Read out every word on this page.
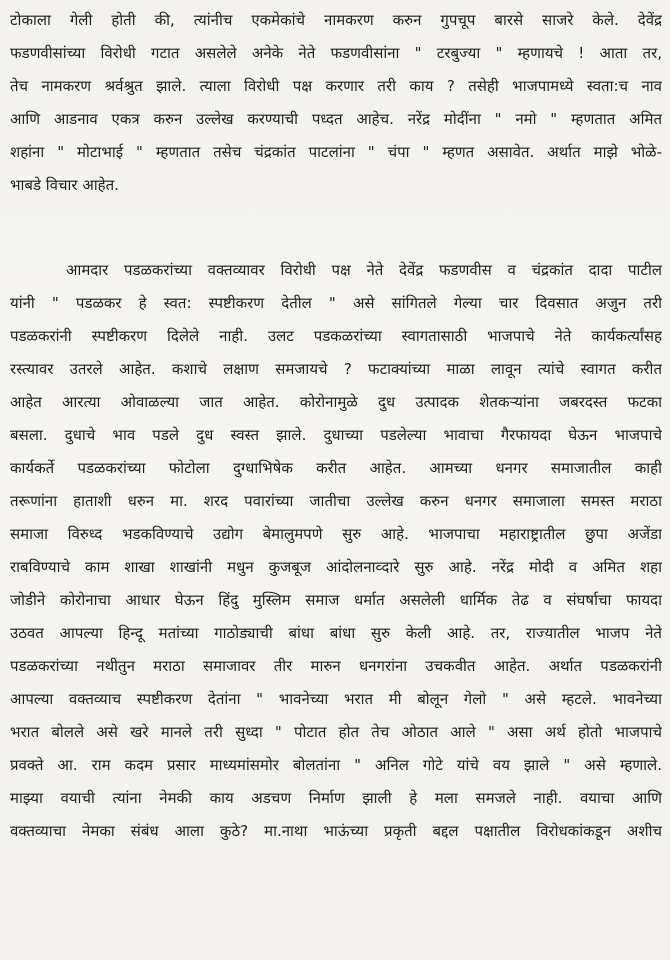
टोकाला गेली होती की, त्यांनीच एकमेकांचे नामकरण करुन गुपचूप बारसे साजरे केले. देवेंद्र
फडणवीसांच्या विरोधी गटात असलेले अनेके नेते फडणवीसांना " टरबुज्या " म्हणायचे ! आता तर,
तेच नामकरण श्रर्वश्रुत झाले. त्याला विरोधी पक्ष करणार तरी काय ? तसेही भाजपामध्ये स्वता:च नाव
आणि आडनाव एकत्र करुन उल्लेख करण्याची पध्दत आहेच. नरेंद्र मोदींना " नमो " म्हणतात अमित
शहांना " मोटाभाई " म्हणतात तसेच चंद्रकांत पाटलांना " चंपा " म्हणत असावेत. अर्थात माझे भोळे-
भाबडे विचार आहेत.
आमदार पडळकरांच्या वक्तव्यावर विरोधी पक्ष नेते देवेंद्र फडणवीस व चंद्रकांत दादा पाटील
यांनी " पडळकर हे स्वत: स्पष्टीकरण देतील " असे सांगितले गेल्या चार दिवसात अजुन तरी
पडळकरांनी स्पष्टीकरण दिलेले नाही. उलट पडकळरांच्या स्वागतासाठी भाजपाचे नेते कार्यकर्त्यांसह
रस्त्यावर उतरले आहेत. कशाचे लक्षाण समजायचे ? फटाक्यांच्या माळा लावून त्यांचे स्वागत करीत
आहेत आरत्या ओवाळल्या जात आहेत. कोरोनामुळे दुध उत्पादक शेतकऱ्यांना जबरदस्त फटका
बसला. दुधाचे भाव पडले दुध स्वस्त झाले. दुधाच्या पडलेल्या भावाचा गैरफायदा घेऊन भाजपाचे
कार्यकर्ते पडळकरांच्या फोटोला दुग्धाभिषेक करीत आहेत. आमच्या धनगर समाजातील काही
तरूणांना हाताशी धरुन मा. शरद पवारांच्या जातीचा उल्लेख करुन धनगर समाजाला समस्त मराठा
समाजा विरुध्द भडकविण्याचे उद्योग बेमालुमपणे सुरु आहे. भाजपाचा महाराष्ट्रातील छुपा अजेंडा
राबविण्याचे काम शाखा शाखांनी मधुन कुजबूज आंदोलनाव्दारे सुरु आहे. नरेंद्र मोदी व अमित शहा
जोडीने कोरोनाचा आधार घेऊन हिंदु मुस्लिम समाज धर्मात असलेली धार्मिक तेढ व संघर्षाचा फायदा
उठवत आपल्या हिन्दू मतांच्या गाठोड्याची बांधा बांधा सुरु केली आहे. तर, राज्यातील भाजप नेते
पडळकरांच्या नथीतुन मराठा समाजावर तीर मारुन धनगरांना उचकवीत आहेत. अर्थात पडळकरांनी
आपल्या वक्तव्याच स्पष्टीकरण देतांना " भावनेच्या भरात मी बोलून गेलो " असे म्हटले. भावनेच्या
भरात बोलले असे खरे मानले तरी सुध्दा " पोटात होत तेच ओठात आले " असा अर्थ होतो भाजपाचे
प्रवक्ते आ. राम कदम प्रसार माध्यमांसमोर बोलतांना " अनिल गोटे यांचे वय झाले " असे म्हणाले.
माझ्या वयाची त्यांना नेमकी काय अडचण निर्माण झाली हे मला समजले नाही. वयाचा आणि
वक्तव्याचा नेमका संबंध आला कुठे? मा.नाथा भाऊंच्या प्रकृती बद्दल पक्षातील विरोधकांकडून अशीच
